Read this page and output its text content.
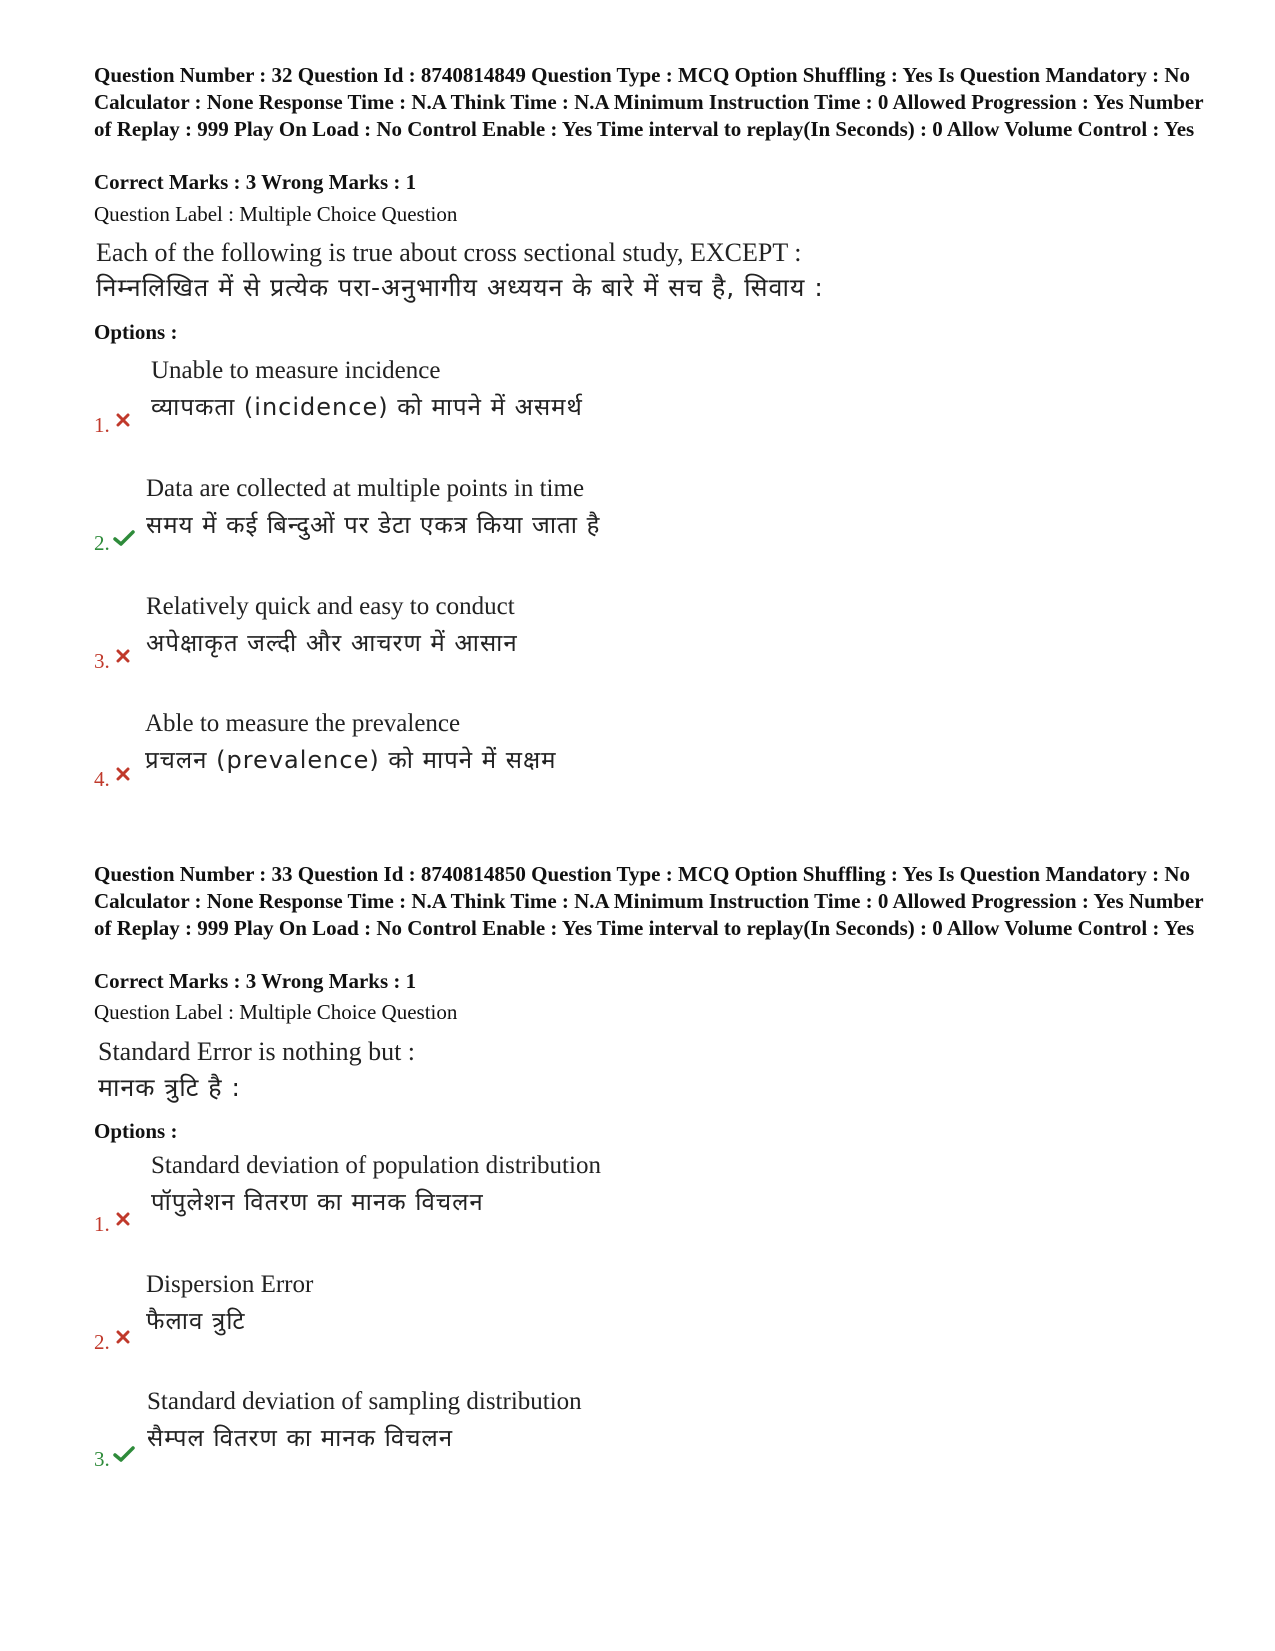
Question Number : 32 Question Id : 8740814849 Question Type : MCQ Option Shuffling : Yes Is Question Mandatory : No Calculator : None Response Time : N.A Think Time : N.A Minimum Instruction Time : 0 Allowed Progression : Yes Number of Replay : 999 Play On Load : No Control Enable : Yes Time interval to replay(In Seconds) : 0 Allow Volume Control : Yes
Correct Marks : 3 Wrong Marks : 1
Question Label : Multiple Choice Question
Each of the following is true about cross sectional study, EXCEPT :
निम्नलिखित में से प्रत्येक परा-अनुभागीय अध्ययन के बारे में सच है, सिवाय :
Options :
Unable to measure incidence
व्यापकता (incidence) को मापने में असमर्थ
1.
Data are collected at multiple points in time
समय में कई बिन्दुओं पर डेटा एकत्र किया जाता है
2.
Relatively quick and easy to conduct
अपेक्षाकृत जल्दी और आचरण में आसान
3.
Able to measure the prevalence
प्रचलन (prevalence) को मापने में सक्षम
4.
Question Number : 33 Question Id : 8740814850 Question Type : MCQ Option Shuffling : Yes Is Question Mandatory : No Calculator : None Response Time : N.A Think Time : N.A Minimum Instruction Time : 0 Allowed Progression : Yes Number of Replay : 999 Play On Load : No Control Enable : Yes Time interval to replay(In Seconds) : 0 Allow Volume Control : Yes
Correct Marks : 3 Wrong Marks : 1
Question Label : Multiple Choice Question
Standard Error is nothing but :
मानक त्रुटि है :
Options :
Standard deviation of population distribution
पॉपुलेशन वितरण का मानक विचलन
1.
Dispersion Error
फैलाव त्रुटि
2.
Standard deviation of sampling distribution
सैम्पल वितरण का मानक विचलन
3.
